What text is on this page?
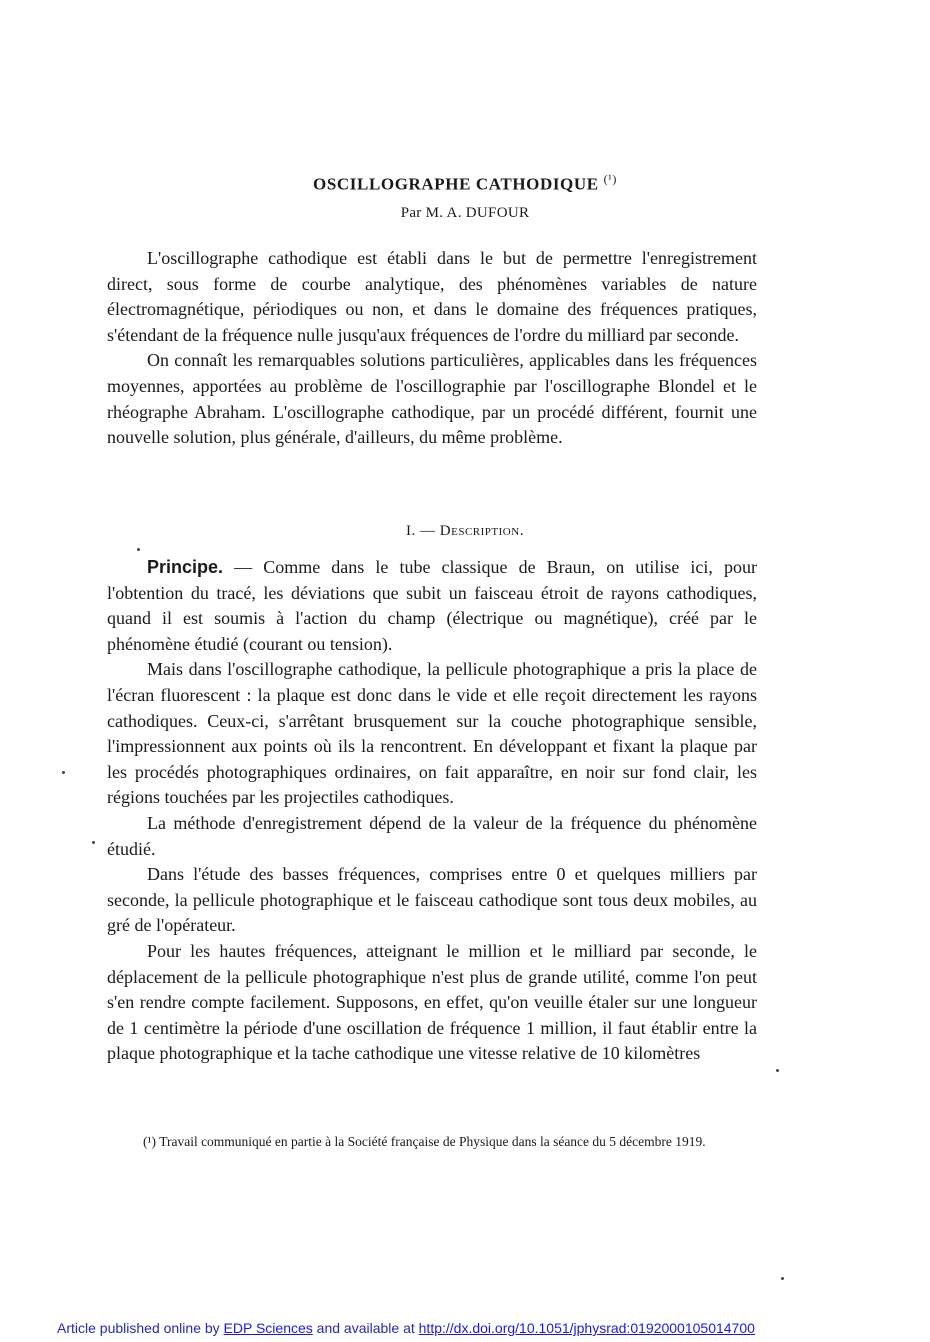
OSCILLOGRAPHE CATHODIQUE $^{(^1)}$
Par M. A. DUFOUR

L'oscillographe cathodique est établi dans le but de permettre l'enregistrement direct, sous forme de courbe analytique, des phénomènes variables de nature électromagnétique, périodiques ou non, et dans le domaine des fréquences pratiques, s'étendant de la fréquence nulle jusqu'aux fréquences de l'ordre du milliard par seconde.

On connaît les remarquables solutions particulières, applicables dans les fréquences moyennes, apportées au problème de l'oscillographie par l'oscillographe Blondel et le rhéographe Abraham. L'oscillographe cathodique, par un procédé différent, fournit une nouvelle solution, plus générale, d'ailleurs, du même problème.

I. — Description.

Principe. — Comme dans le tube classique de Braun, on utilise ici, pour l'obtention du tracé, les déviations que subit un faisceau étroit de rayons cathodiques, quand il est soumis à l'action du champ (électrique ou magnétique), créé par le phénomène étudié (courant ou tension).

Mais dans l'oscillographe cathodique, la pellicule photographique a pris la place de l'écran fluorescent : la plaque est donc dans le vide et elle reçoit directement les rayons cathodiques. Ceux-ci, s'arrêtant brusquement sur la couche photographique sensible, l'impressionnent aux points où ils la rencontrent. En développant et fixant la plaque par les procédés photographiques ordinaires, on fait apparaître, en noir sur fond clair, les régions touchées par les projectiles cathodiques.

La méthode d'enregistrement dépend de la valeur de la fréquence du phénomène étudié.

Dans l'étude des basses fréquences, comprises entre 0 et quelques milliers par seconde, la pellicule photographique et le faisceau cathodique sont tous deux mobiles, au gré de l'opérateur.

Pour les hautes fréquences, atteignant le million et le milliard par seconde, le déplacement de la pellicule photographique n'est plus de grande utilité, comme l'on peut s'en rendre compte facilement. Supposons, en effet, qu'on veuille étaler sur une longueur de 1 centimètre la période d'une oscillation de fréquence 1 million, il faut établir entre la plaque photographique et la tache cathodique une vitesse relative de 10 kilomètres

(¹) Travail communiqué en partie à la Société française de Physique dans la séance du 5 décembre 1919.
Article published online by EDP Sciences and available at http://dx.doi.org/10.1051/jphysrad:0192000105014700
